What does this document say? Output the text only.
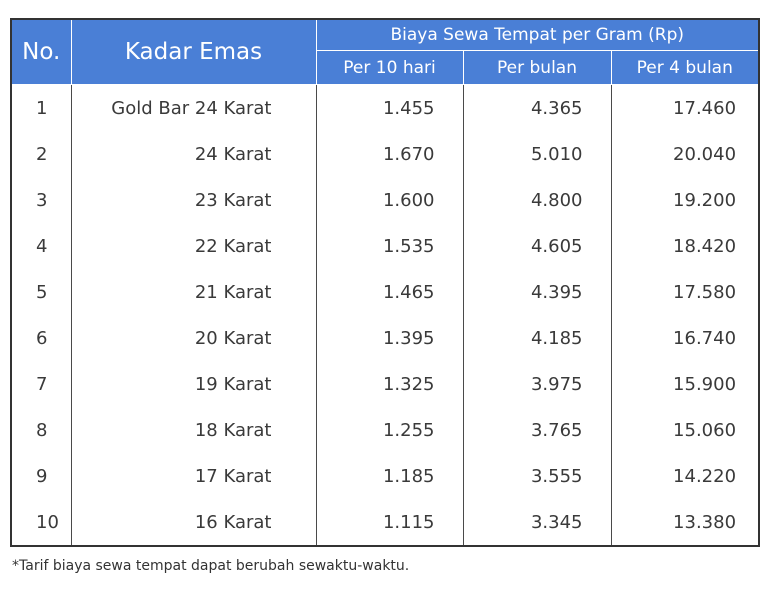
No.	Kadar Emas	Biaya Sewa Tempat per Gram (Rp)		
		Per 10 hari	Per bulan	Per 4 bulan
1	Gold Bar 24 Karat	1.455	4.365	17.460
2	24 Karat	1.670	5.010	20.040
3	23 Karat	1.600	4.800	19.200
4	22 Karat	1.535	4.605	18.420
5	21 Karat	1.465	4.395	17.580
6	20 Karat	1.395	4.185	16.740
7	19 Karat	1.325	3.975	15.900
8	18 Karat	1.255	3.765	15.060
9	17 Karat	1.185	3.555	14.220
10	16 Karat	1.115	3.345	13.380
*Tarif biaya sewa tempat dapat berubah sewaktu-waktu.
